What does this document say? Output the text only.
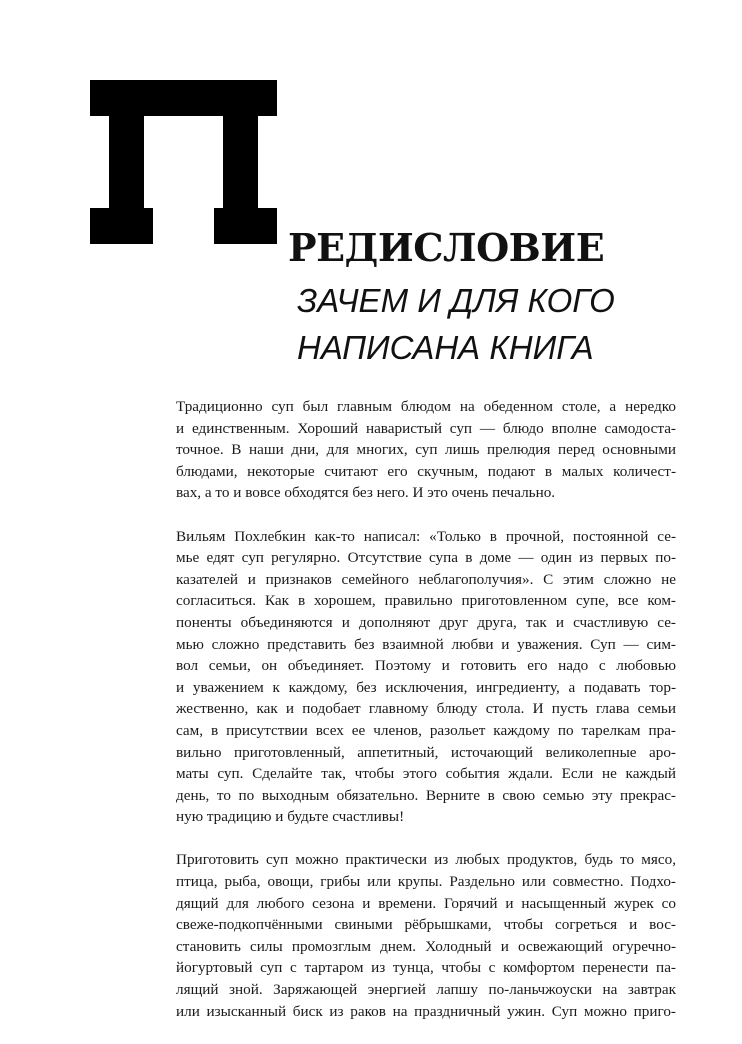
РЕДИСЛОВИЕ
ЗАЧЕМ И ДЛЯ КОГО
НАПИСАНА КНИГА
Традиционно суп был главным блюдом на обеденном столе, а нередко
и единственным. Хороший наваристый суп — блюдо вполне самодоста-
точное. В наши дни, для многих, суп лишь прелюдия перед основными
блюдами, некоторые считают его скучным, подают в малых количест-
вах, а то и вовсе обходятся без него. И это очень печально.
Вильям Похлебкин как-то написал: «Только в прочной, постоянной се-
мье едят суп регулярно. Отсутствие супа в доме — один из первых по-
казателей и признаков семейного неблагополучия». С этим сложно не
согласиться. Как в хорошем, правильно приготовленном супе, все ком-
поненты объединяются и дополняют друг друга, так и счастливую се-
мью сложно представить без взаимной любви и уважения. Суп — сим-
вол семьи, он объединяет. Поэтому и готовить его надо с любовью
и уважением к каждому, без исключения, ингредиенту, а подавать тор-
жественно, как и подобает главному блюду стола. И пусть глава семьи
сам, в присутствии всех ее членов, разольет каждому по тарелкам пра-
вильно приготовленный, аппетитный, источающий великолепные аро-
маты суп. Сделайте так, чтобы этого события ждали. Если не каждый
день, то по выходным обязательно. Верните в свою семью эту прекрас-
ную традицию и будьте счастливы!
Приготовить суп можно практически из любых продуктов, будь то мясо,
птица, рыба, овощи, грибы или крупы. Раздельно или совместно. Подхо-
дящий для любого сезона и времени. Горячий и насыщенный журек со
свеже-подкопчёнными свиными рёбрышками, чтобы согреться и вос-
становить силы промозглым днем. Холодный и освежающий огуречно-
йогуртовый суп с тартаром из тунца, чтобы с комфортом перенести па-
лящий зной. Заряжающей энергией лапшу по-ланьчжоуски на завтрак
или изысканный биск из раков на праздничный ужин. Суп можно приго-
